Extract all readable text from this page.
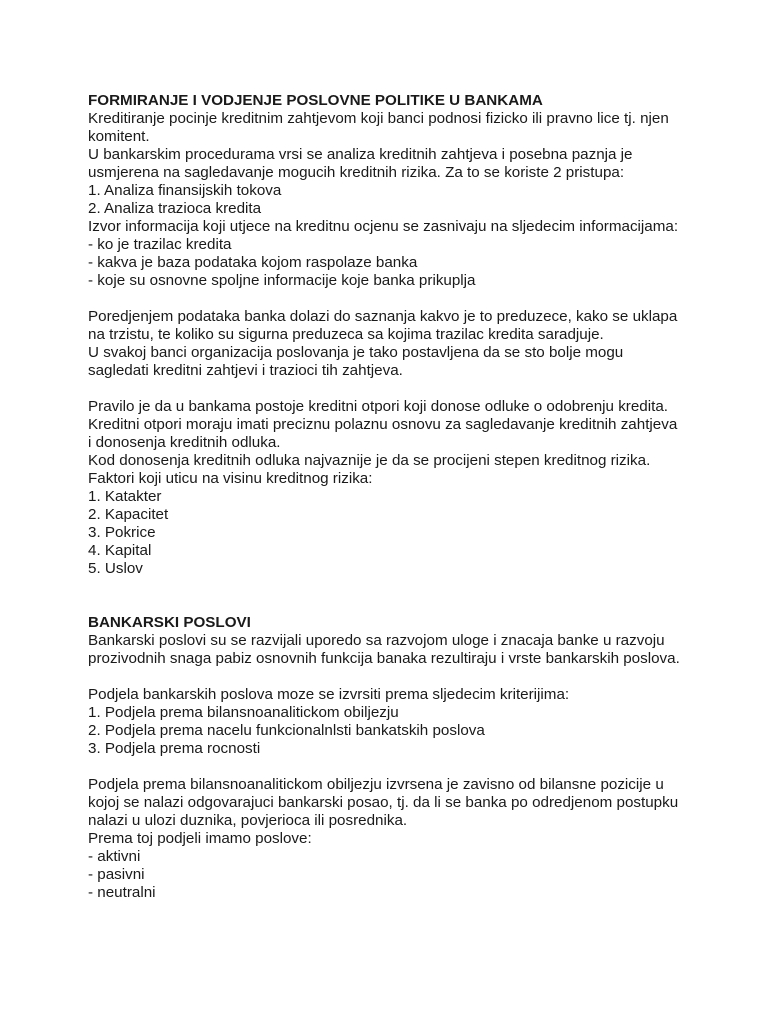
FORMIRANJE I VODJENJE POSLOVNE POLITIKE U BANKAMA
Kreditiranje pocinje kreditnim zahtjevom koji banci podnosi fizicko ili pravno lice tj. njen
komitent.
U bankarskim procedurama vrsi se analiza kreditnih zahtjeva i posebna paznja je
usmjerena na sagledavanje mogucih kreditnih rizika. Za to se koriste 2 pristupa:
1. Analiza finansijskih tokova
2. Analiza trazioca kredita
Izvor informacija koji utjece na kreditnu ocjenu se zasnivaju na sljedecim informacijama:
- ko je trazilac kredita
- kakva je baza podataka kojom raspolaze banka
- koje su osnovne spoljne informacije koje banka prikuplja
Poredjenjem podataka banka dolazi do saznanja kakvo je to preduzece, kako se uklapa
na trzistu, te koliko su sigurna preduzeca sa kojima trazilac kredita saradjuje.
U svakoj banci organizacija poslovanja je tako postavljena da se sto bolje mogu
sagledati kreditni zahtjevi i trazioci tih zahtjeva.
Pravilo je da u bankama postoje kreditni otpori koji donose odluke o odobrenju kredita.
Kreditni otpori moraju imati preciznu polaznu osnovu za sagledavanje kreditnih zahtjeva
i donosenja kreditnih odluka.
Kod donosenja kreditnih odluka najvaznije je da se procijeni stepen kreditnog rizika.
Faktori koji uticu na visinu kreditnog rizika:
1. Katakter
2. Kapacitet
3. Pokrice
4. Kapital
5. Uslov
BANKARSKI POSLOVI
Bankarski poslovi su se razvijali uporedo sa razvojom uloge i znacaja banke u razvoju
prozivodnih snaga pabiz osnovnih funkcija banaka rezultiraju i vrste bankarskih poslova.
Podjela bankarskih poslova moze se izvrsiti prema sljedecim kriterijima:
1. Podjela prema bilansnoanalitickom obiljezju
2. Podjela prema nacelu funkcionalnlsti bankatskih poslova
3. Podjela prema rocnosti
Podjela prema bilansnoanalitickom obiljezju izvrsena je zavisno od bilansne pozicije u
kojoj se nalazi odgovarajuci bankarski posao, tj. da li se banka po odredjenom postupku
nalazi u ulozi duznika, povjerioca ili posrednika.
Prema toj podjeli imamo poslove:
- aktivni
- pasivni
- neutralni
